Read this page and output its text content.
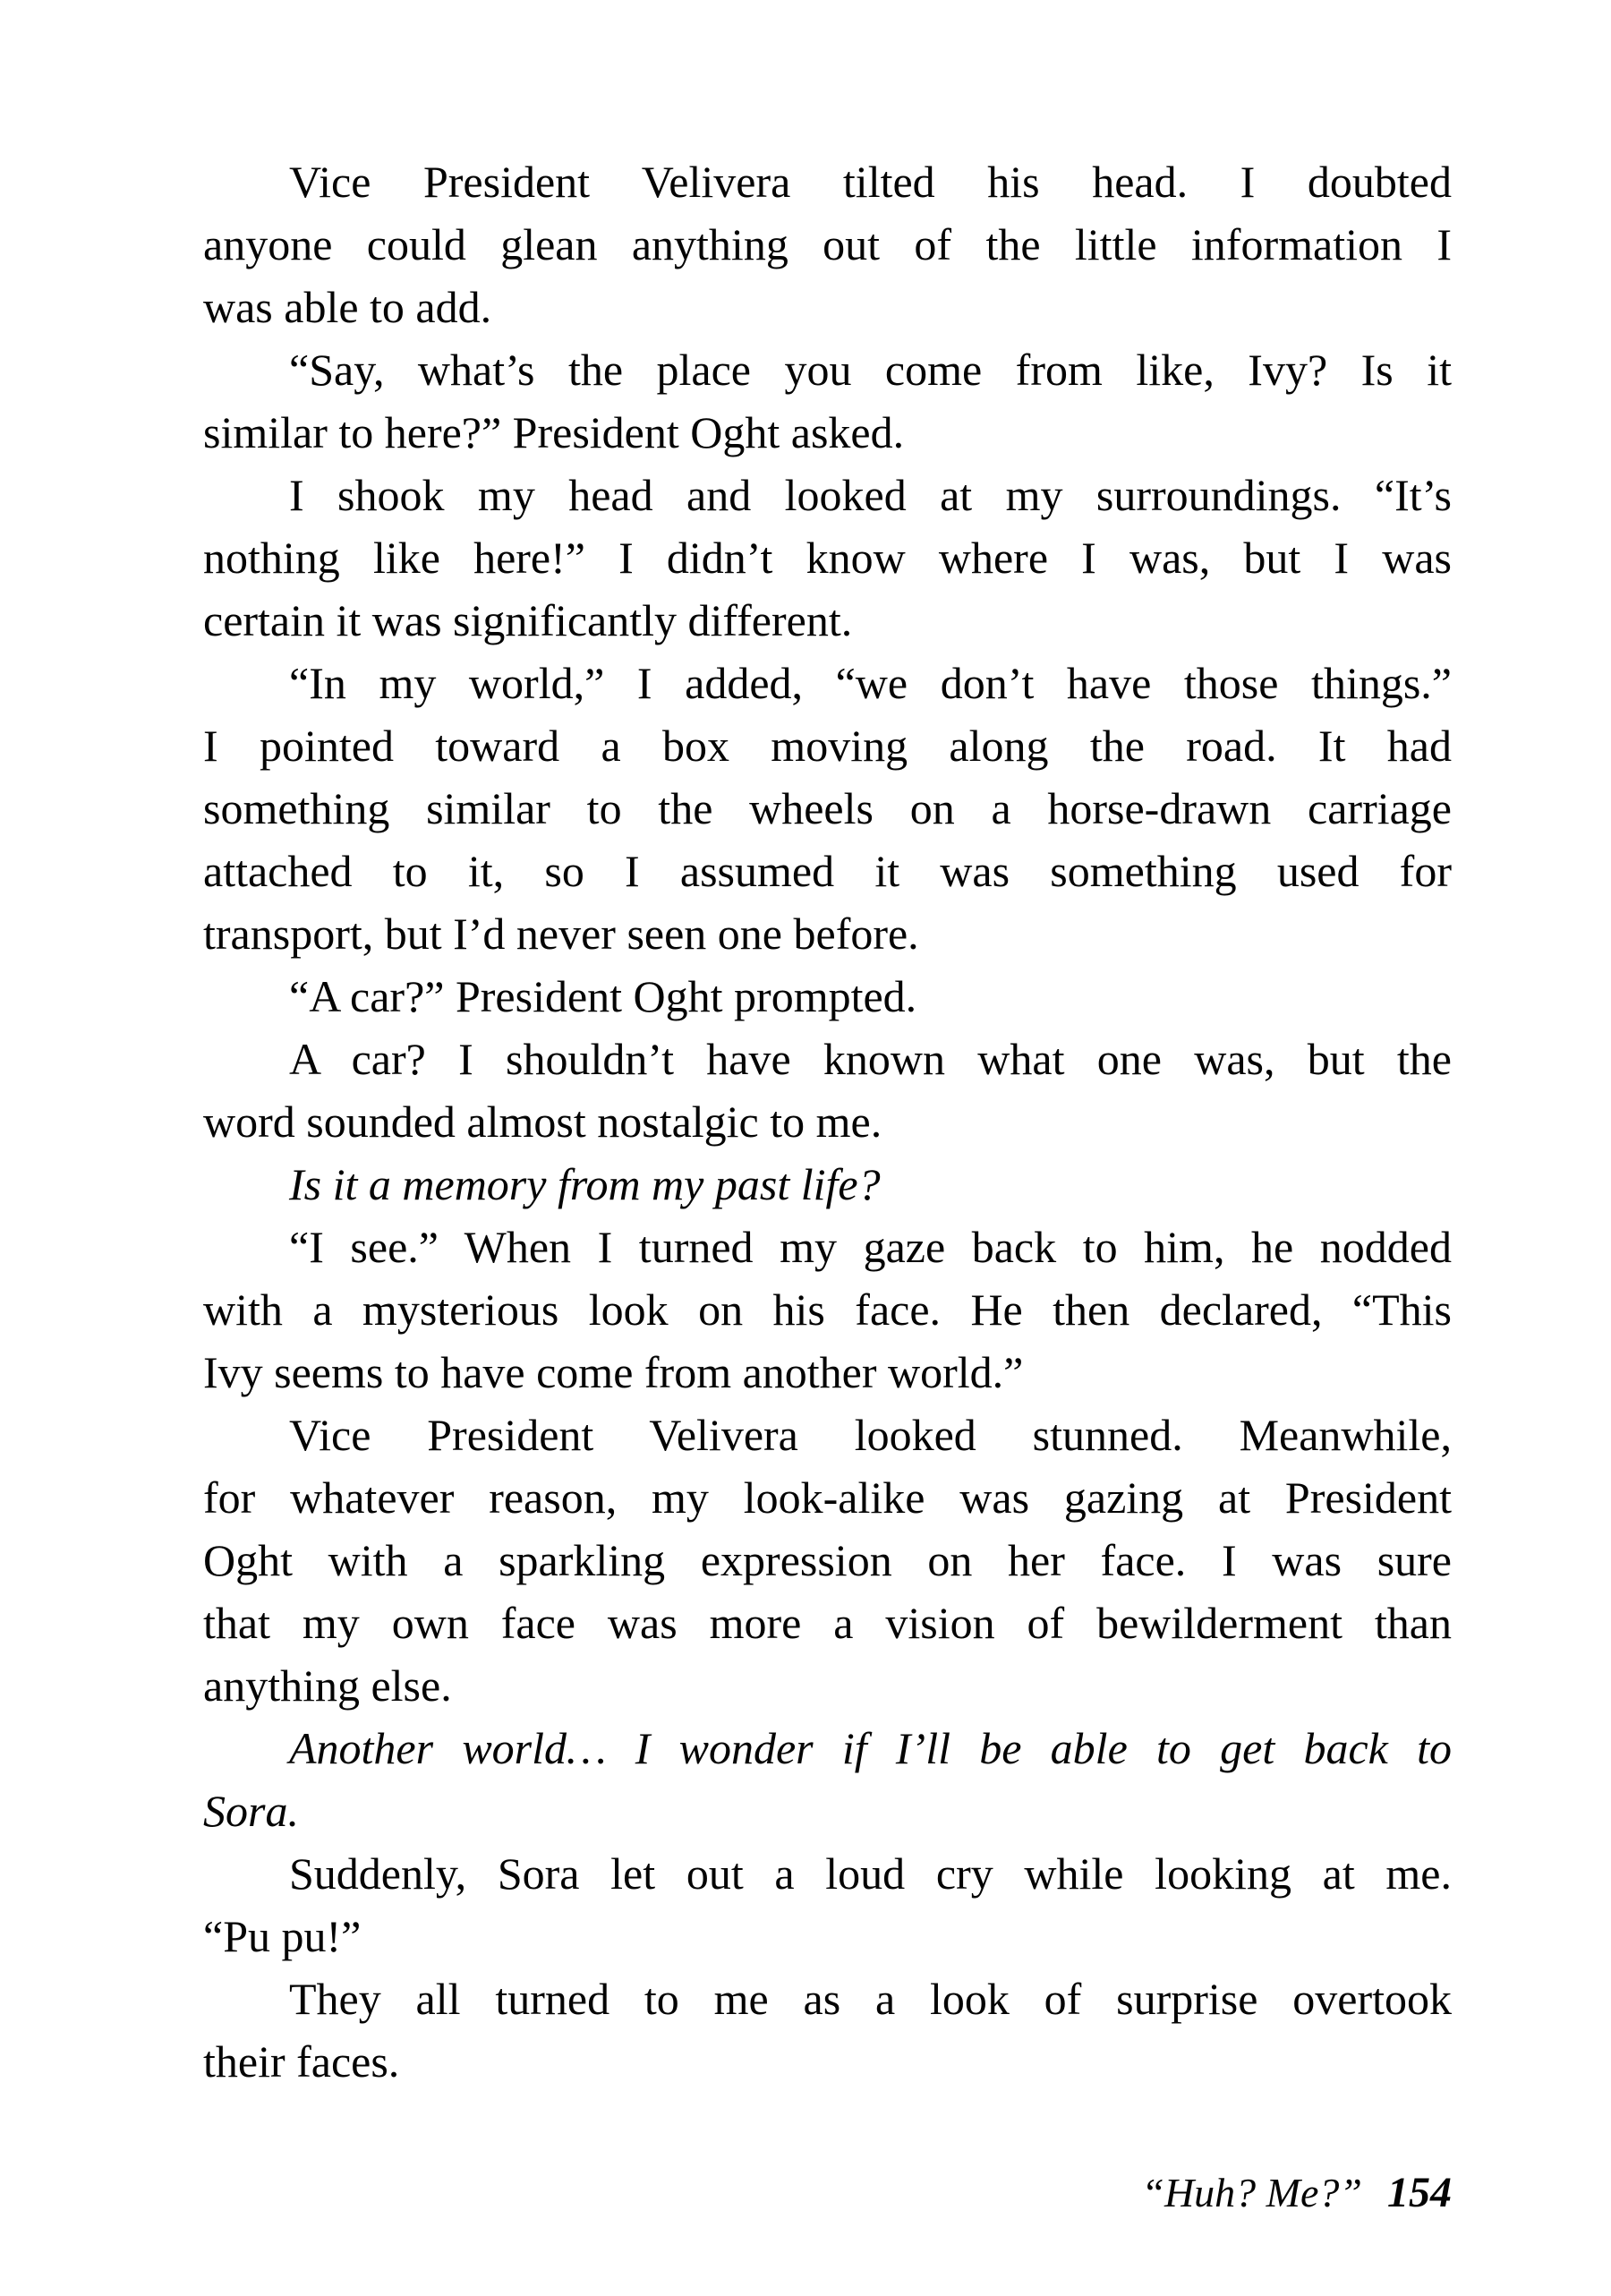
Vice President Velivera tilted his head. I doubted
anyone could glean anything out of the little information I
was able to add.
“Say, what’s the place you come from like, Ivy? Is it
similar to here?” President Oght asked.
I shook my head and looked at my surroundings. “It’s
nothing like here!” I didn’t know where I was, but I was
certain it was significantly different.
“In my world,” I added, “we don’t have those things.”
I pointed toward a box moving along the road. It had
something similar to the wheels on a horse-drawn carriage
attached to it, so I assumed it was something used for
transport, but I’d never seen one before.
“A car?” President Oght prompted.
A car? I shouldn’t have known what one was, but the
word sounded almost nostalgic to me.
Is it a memory from my past life?
“I see.” When I turned my gaze back to him, he nodded
with a mysterious look on his face. He then declared, “This
Ivy seems to have come from another world.”
Vice President Velivera looked stunned. Meanwhile,
for whatever reason, my look-alike was gazing at President
Oght with a sparkling expression on her face. I was sure
that my own face was more a vision of bewilderment than
anything else.
Another world… I wonder if I’ll be able to get back to
Sora.
Suddenly, Sora let out a loud cry while looking at me.
“Pu pu!”
They all turned to me as a look of surprise overtook
their faces.
“Huh? Me?” 154
